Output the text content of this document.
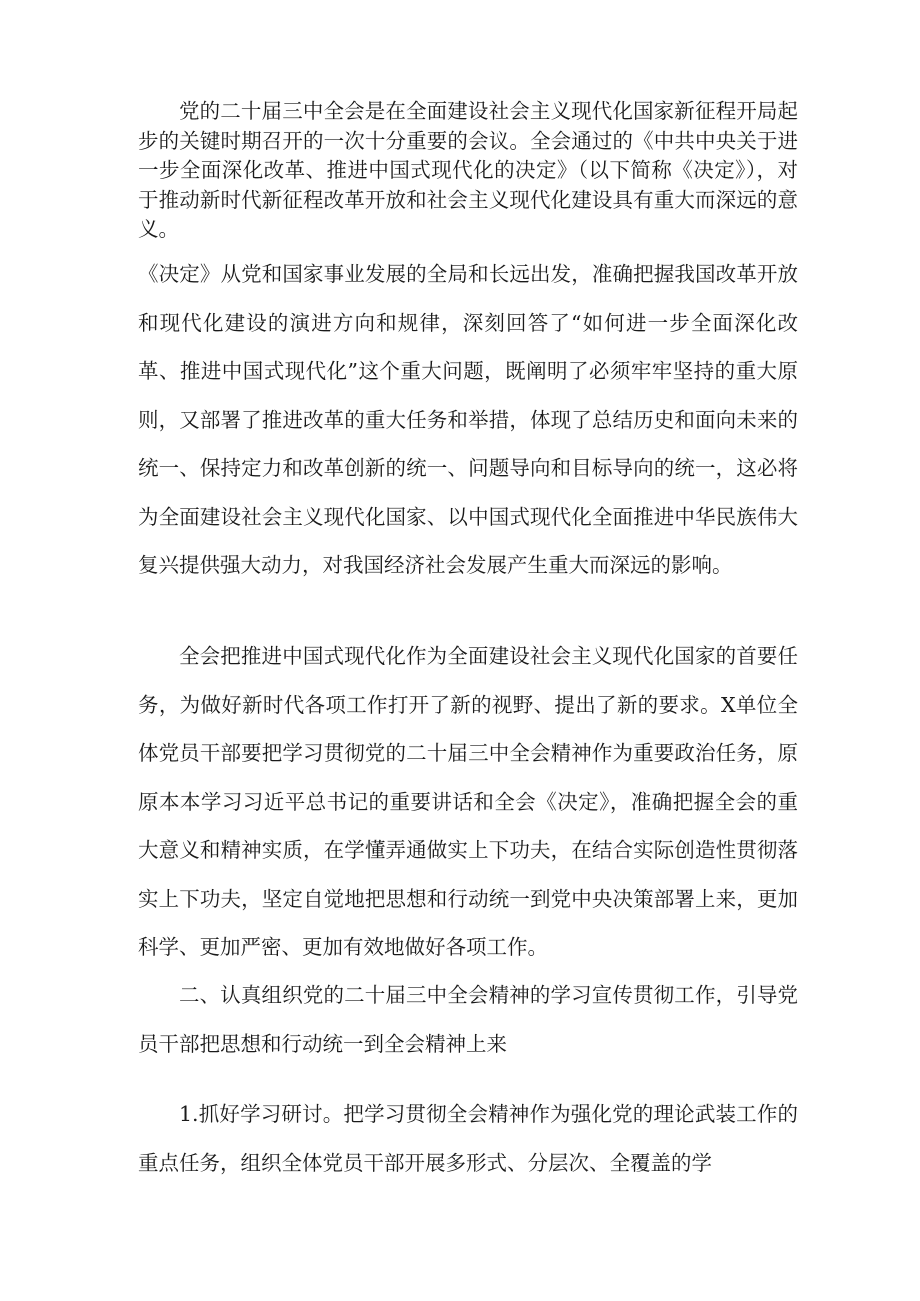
党的二十届三中全会是在全面建设社会主义现代化国家新征程开局起步的关键时期召开的一次十分重要的会议。全会通过的《中共中央关于进一步全面深化改革、推进中国式现代化的决定》（以下简称《决定》），对于推动新时代新征程改革开放和社会主义现代化建设具有重大而深远的意义。

《决定》从党和国家事业发展的全局和长远出发，准确把握我国改革开放和现代化建设的演进方向和规律，深刻回答了“如何进一步全面深化改革、推进中国式现代化”这个重大问题，既阐明了必须牢牢坚持的重大原则，又部署了推进改革的重大任务和举措，体现了总结历史和面向未来的统一、保持定力和改革创新的统一、问题导向和目标导向的统一，这必将为全面建设社会主义现代化国家、以中国式现代化全面推进中华民族伟大复兴提供强大动力，对我国经济社会发展产生重大而深远的影响。

全会把推进中国式现代化作为全面建设社会主义现代化国家的首要任务，为做好新时代各项工作打开了新的视野、提出了新的要求。X单位全体党员干部要把学习贯彻党的二十届三中全会精神作为重要政治任务，原原本本学习习近平总书记的重要讲话和全会《决定》，准确把握全会的重大意义和精神实质，在学懂弄通做实上下功夫，在结合实际创造性贯彻落实上下功夫，坚定自觉地把思想和行动统一到党中央决策部署上来，更加科学、更加严密、更加有效地做好各项工作。

二、认真组织党的二十届三中全会精神的学习宣传贯彻工作，引导党员干部把思想和行动统一到全会精神上来

1.抓好学习研讨。把学习贯彻全会精神作为强化党的理论武装工作的重点任务，组织全体党员干部开展多形式、分层次、全覆盖的学
